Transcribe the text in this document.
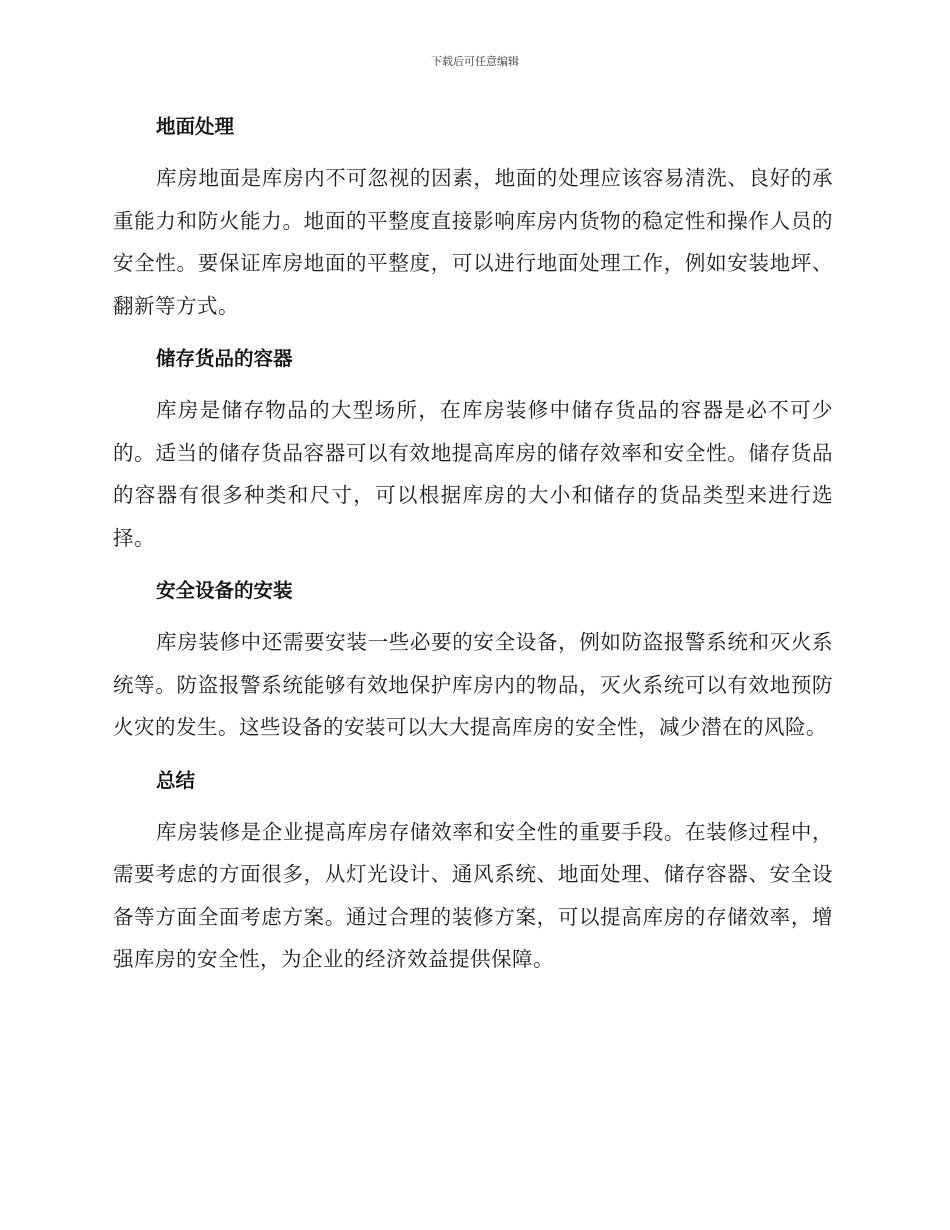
下载后可任意编辑
地面处理

库房地面是库房内不可忽视的因素，地面的处理应该容易清洗、良好的承重能力和防火能力。地面的平整度直接影响库房内货物的稳定性和操作人员的安全性。要保证库房地面的平整度，可以进行地面处理工作，例如安装地坪、翻新等方式。

储存货品的容器

库房是储存物品的大型场所，在库房装修中储存货品的容器是必不可少的。适当的储存货品容器可以有效地提高库房的储存效率和安全性。储存货品的容器有很多种类和尺寸，可以根据库房的大小和储存的货品类型来进行选择。

安全设备的安装

库房装修中还需要安装一些必要的安全设备，例如防盗报警系统和灭火系统等。防盗报警系统能够有效地保护库房内的物品，灭火系统可以有效地预防火灾的发生。这些设备的安装可以大大提高库房的安全性，减少潜在的风险。

总结

库房装修是企业提高库房存储效率和安全性的重要手段。在装修过程中，需要考虑的方面很多，从灯光设计、通风系统、地面处理、储存容器、安全设备等方面全面考虑方案。通过合理的装修方案，可以提高库房的存储效率，增强库房的安全性，为企业的经济效益提供保障。
